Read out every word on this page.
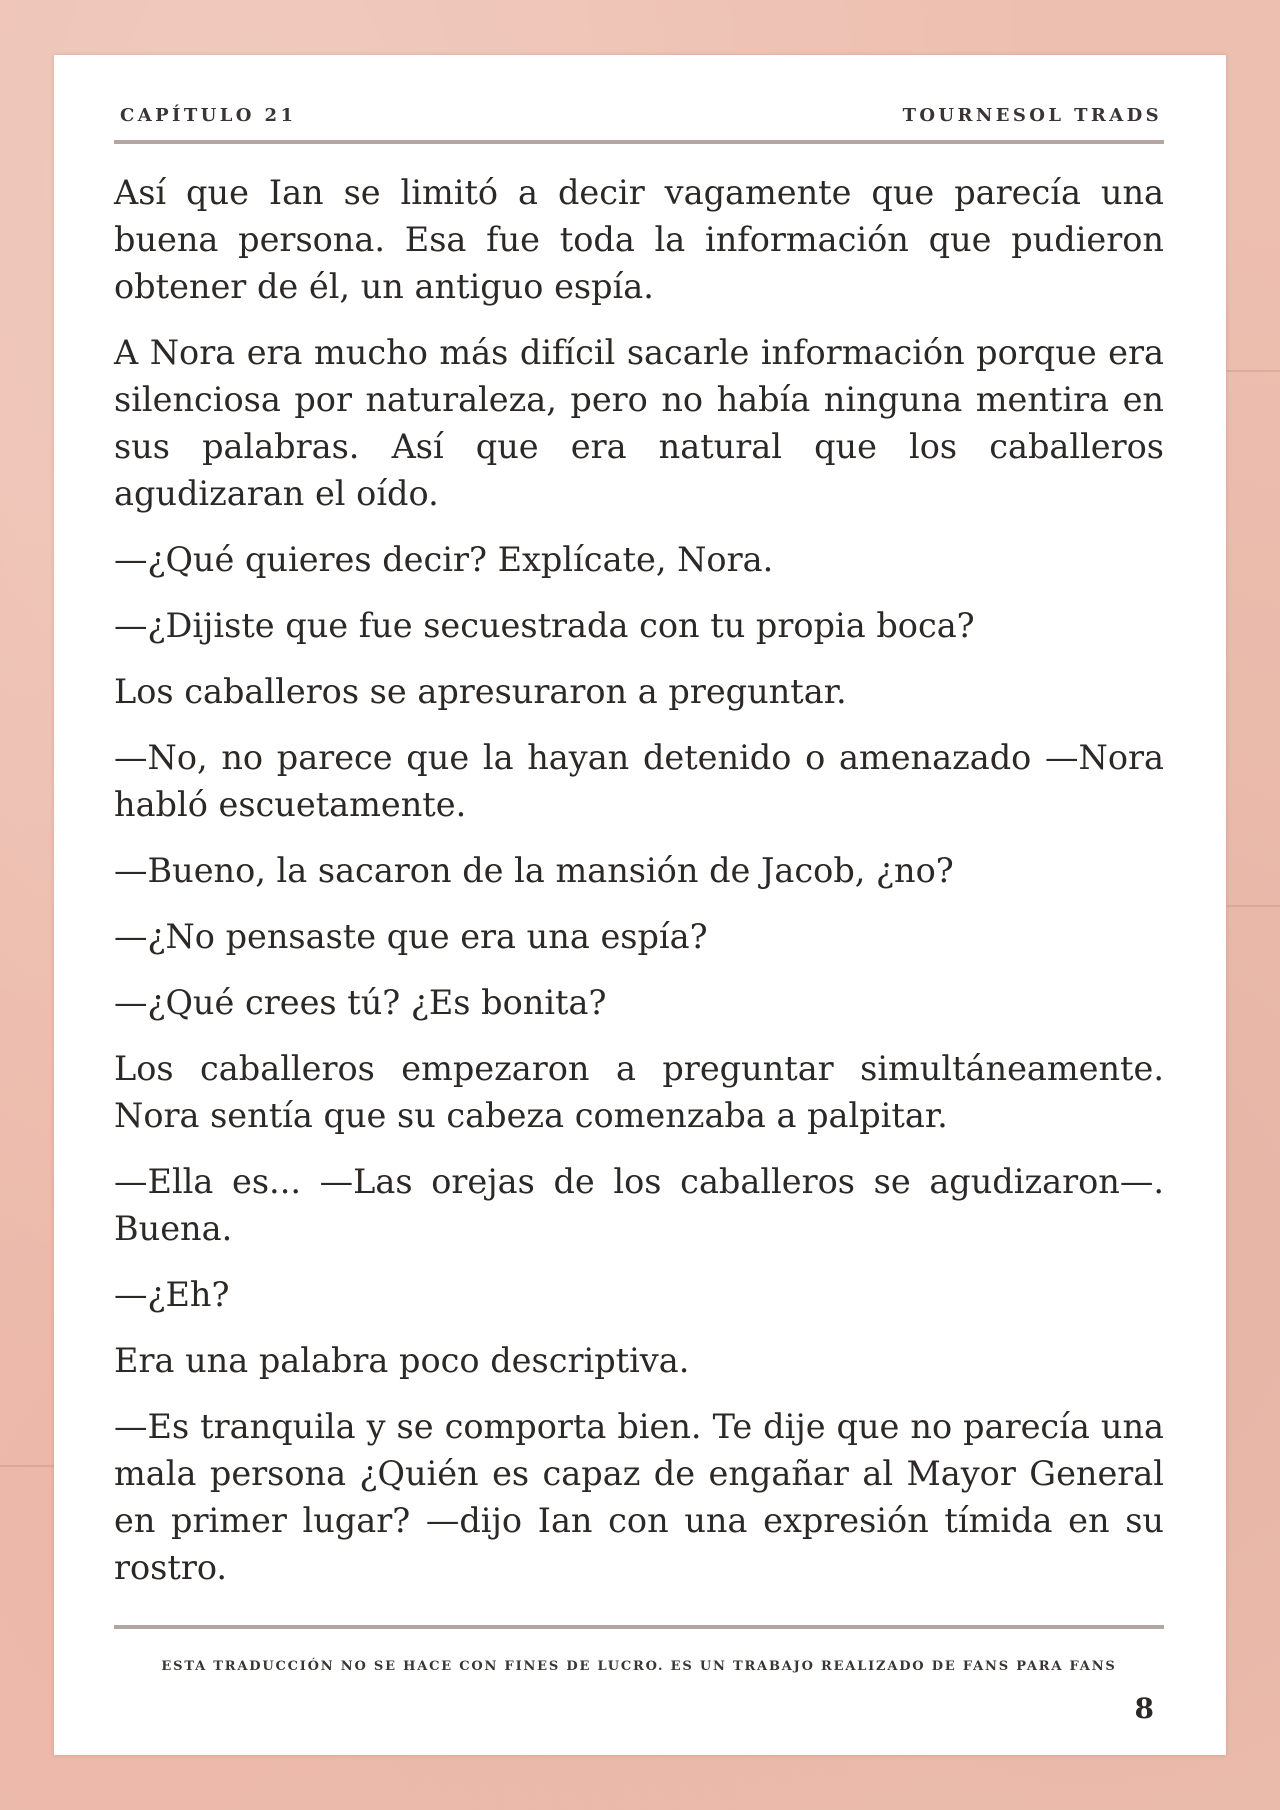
CAPÍTULO 21	TOURNESOL TRADS

Así que Ian se limitó a decir vagamente que parecía una buena persona. Esa fue toda la información que pudieron obtener de él, un antiguo espía.

A Nora era mucho más difícil sacarle información porque era silenciosa por naturaleza, pero no había ninguna mentira en sus palabras. Así que era natural que los caballeros agudizaran el oído.

—¿Qué quieres decir? Explícate, Nora.

—¿Dijiste que fue secuestrada con tu propia boca?

Los caballeros se apresuraron a preguntar.

—No, no parece que la hayan detenido o amenazado —Nora habló escuetamente.

—Bueno, la sacaron de la mansión de Jacob, ¿no?

—¿No pensaste que era una espía?

—¿Qué crees tú? ¿Es bonita?

Los caballeros empezaron a preguntar simultáneamente. Nora sentía que su cabeza comenzaba a palpitar.

—Ella es... —Las orejas de los caballeros se agudizaron—. Buena.

—¿Eh?

Era una palabra poco descriptiva.

—Es tranquila y se comporta bien. Te dije que no parecía una mala persona ¿Quién es capaz de engañar al Mayor General en primer lugar? —dijo Ian con una expresión tímida en su rostro.

ESTA TRADUCCIÓN NO SE HACE CON FINES DE LUCRO. ES UN TRABAJO REALIZADO DE FANS PARA FANS
8
